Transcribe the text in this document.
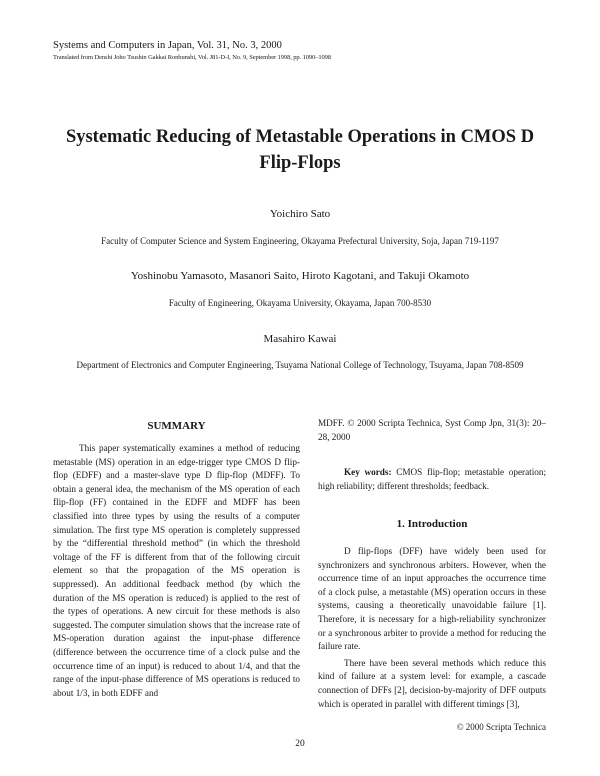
Systems and Computers in Japan, Vol. 31, No. 3, 2000
Translated from Denshi Joho Tsushin Gakkai Ronbunshi, Vol. J81-D-I, No. 9, September 1998, pp. 1090–1098
Systematic Reducing of Metastable Operations in CMOS D
Flip-Flops
Yoichiro Sato
Faculty of Computer Science and System Engineering, Okayama Prefectural University, Soja, Japan 719-1197
Yoshinobu Yamasoto, Masanori Saito, Hiroto Kagotani, and Takuji Okamoto
Faculty of Engineering, Okayama University, Okayama, Japan 700-8530
Masahiro Kawai
Department of Electronics and Computer Engineering, Tsuyama National College of Technology, Tsuyama, Japan 708-8509
SUMMARY

This paper systematically examines a method of reducing metastable (MS) operation in an edge-trigger type CMOS D flip-flop (EDFF) and a master-slave type D flip-flop (MDFF). To obtain a general idea, the mechanism of the MS operation of each flip-flop (FF) contained in the EDFF and MDFF has been classified into three types by using the results of a computer simulation. The first type MS operation is completely suppressed by the “differential threshold method” (in which the threshold voltage of the FF is different from that of the following circuit element so that the propagation of the MS operation is suppressed). An additional feedback method (by which the duration of the MS operation is reduced) is applied to the rest of the types of operations. A new circuit for these methods is also suggested. The computer simulation shows that the increase rate of MS-operation duration against the input-phase difference (difference between the occurrence time of a clock pulse and the occurrence time of an input) is reduced to about 1/4, and that the range of the input-phase difference of MS operations is reduced to about 1/3, in both EDFF and

MDFF. © 2000 Scripta Technica, Syst Comp Jpn, 31(3): 20–28, 2000

Key words: CMOS flip-flop; metastable operation; high reliability; different thresholds; feedback.

1. Introduction

D flip-flops (DFF) have widely been used for synchronizers and synchronous arbiters. However, when the occurrence time of an input approaches the occurrence time of a clock pulse, a metastable (MS) operation occurs in these systems, causing a theoretically unavoidable failure [1]. Therefore, it is necessary for a high-reliability synchronizer or a synchronous arbiter to provide a method for reducing the failure rate.

There have been several methods which reduce this kind of failure at a system level: for example, a cascade connection of DFFs [2], decision-by-majority of DFF outputs which is operated in parallel with different timings [3],

© 2000 Scripta Technica
20
